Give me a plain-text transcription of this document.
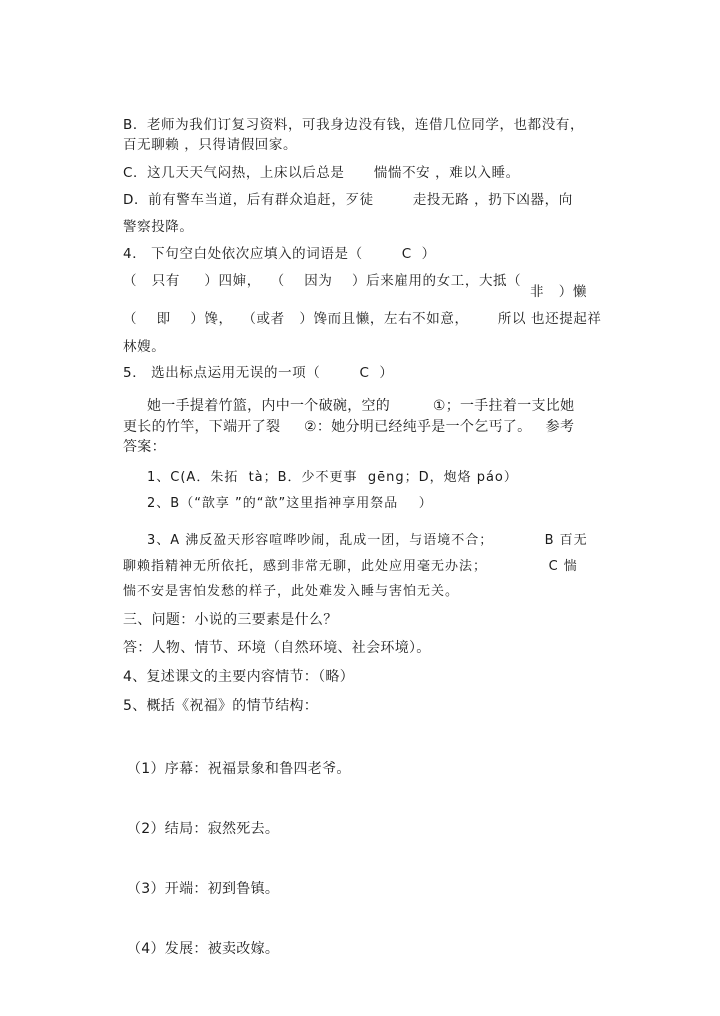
B．老师为我们订复习资料，可我身边没有钱，连借几位同学，也都没有，
百无聊赖 ，只得请假回家。
C．这几天天气闷热，上床以后总是      惴惴不安 ，难以入睡。
D．前有警车当道，后有群众追赶，歹徒        走投无路 ，扔下凶器，向
警察投降。
4． 下句空白处依次应填入的词语是（        C  ）
（   只有     ）四婶，  （    因为    ）后来雇用的女工，大抵（
非   ）懒
（    即    ）馋，  （或者   ）馋而且懒，左右不如意，      所以 也还提起祥
林嫂。
5． 选出标点运用无误的一项（        C  ）
她一手提着竹篮，内中一个破碗，空的         ①；一手拄着一支比她
更长的竹竿，下端开了裂     ②：她分明已经纯乎是一个乞丐了。   参考
答案：
1、C(A．朱拓  tà；B．少不更事  gēng；D，炮烙 páo）
2、B（“歆享 ”的“歆”这里指神享用祭品    ）
3、A 沸反盈天形容喧哗吵闹，乱成一团，与语境不合；          B 百无
聊赖指精神无所依托，感到非常无聊，此处应用毫无办法；            C 惴
惴不安是害怕发愁的样子，此处难发入睡与害怕无关。
三、问题：小说的三要素是什么？
答：人物、情节、环境（自然环境、社会环境）。
4、复述课文的主要内容情节：（略）
5、概括《祝福》的情节结构：
（1）序幕：祝福景象和鲁四老爷。
（2）结局：寂然死去。
（3）开端：初到鲁镇。
（4）发展：被卖改嫁。
